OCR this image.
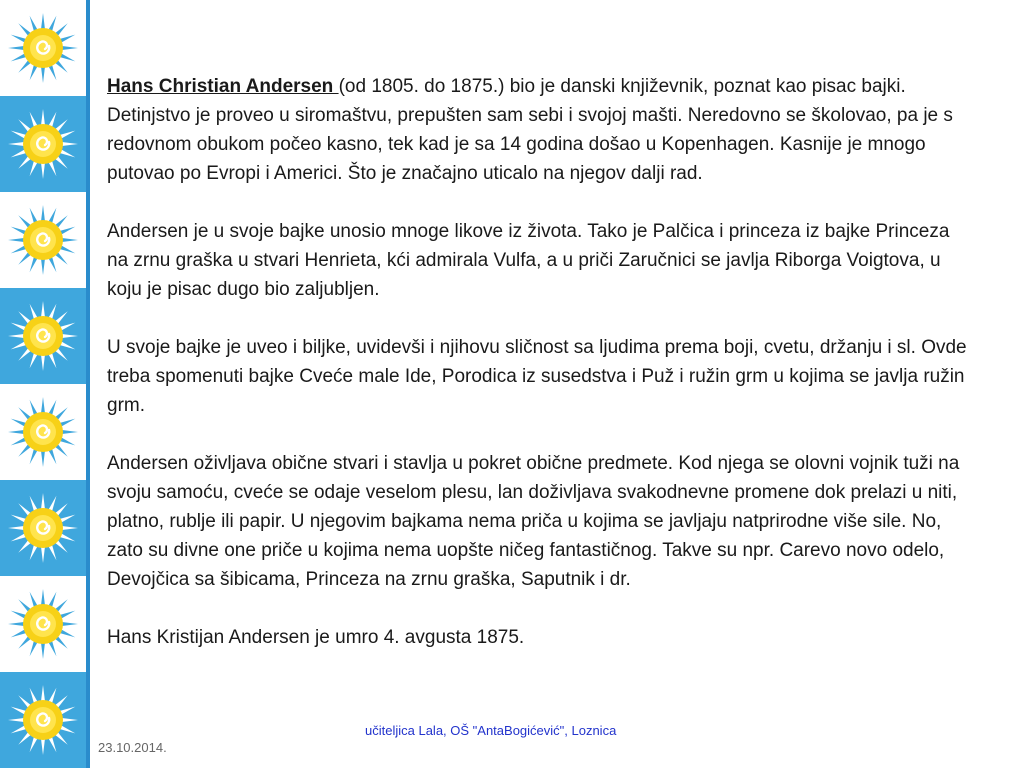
Hans Christian Andersen (od 1805. do 1875.) bio je danski književnik, poznat kao pisac bajki. Detinjstvo je proveo u siromaštvu, prepušten sam sebi i svojoj mašti. Neredovno se školovao, pa je s redovnom obukom počeo kasno, tek kad je sa 14 godina došao u Kopenhagen. Kasnije je mnogo putovao po Evropi i Americi. Što je značajno uticalo na njegov dalji rad.

Andersen je u svoje bajke unosio mnoge likove iz života. Tako je Palčica i princeza iz bajke Princeza na zrnu graška u stvari Henrieta, kći admirala Vulfa, a u priči Zaručnici se javlja Riborga Voigtova, u koju je pisac dugo bio zaljubljen.

U svoje bajke je uveo i biljke, uvidevši i njihovu sličnost sa ljudima prema boji, cvetu, držanju i sl. Ovde treba spomenuti bajke Cveće male Ide, Porodica iz susedstva i Puž i ružin grm u kojima se javlja ružin grm.

Andersen oživljava obične stvari i stavlja u pokret obične predmete. Kod njega se olovni vojnik tuži na svoju samoću, cveće se odaje veselom plesu, lan doživljava svakodnevne promene dok prelazi u niti, platno, rublje ili papir. U njegovim bajkama nema priča u kojima se javljaju natprirodne više sile. No, zato su divne one priče u kojima nema uopšte ničeg fantastičnog. Takve su npr. Carevo novo odelo, Devojčica sa šibicama, Princeza na zrnu graška, Saputnik i dr.

Hans Kristijan Andersen je umro 4. avgusta 1875.

učiteljica Lala, OŠ "AntaBogićević", Loznica
23.10.2014.
